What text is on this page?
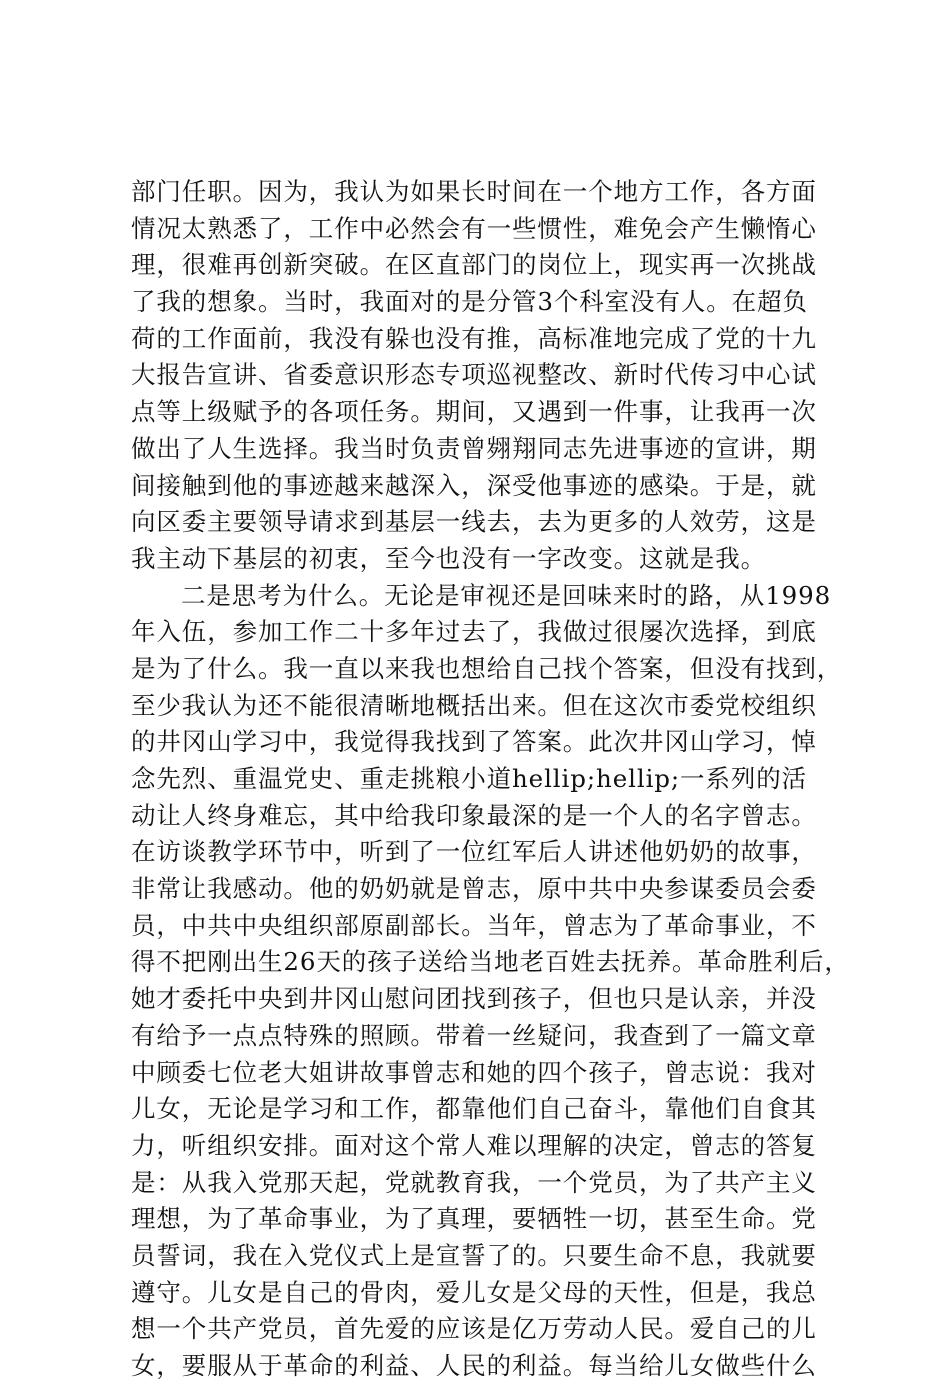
部门任职。因为，我认为如果长时间在一个地方工作，各方面
情况太熟悉了，工作中必然会有一些惯性，难免会产生懒惰心
理，很难再创新突破。在区直部门的岗位上，现实再一次挑战
了我的想象。当时，我面对的是分管3个科室没有人。在超负
荷的工作面前，我没有躲也没有推，高标准地完成了党的十九
大报告宣讲、省委意识形态专项巡视整改、新时代传习中心试
点等上级赋予的各项任务。期间，又遇到一件事，让我再一次
做出了人生选择。我当时负责曾翙翔同志先进事迹的宣讲，期
间接触到他的事迹越来越深入，深受他事迹的感染。于是，就
向区委主要领导请求到基层一线去，去为更多的人效劳，这是
我主动下基层的初衷，至今也没有一字改变。这就是我。
二是思考为什么。无论是审视还是回味来时的路，从1998
年入伍，参加工作二十多年过去了，我做过很屡次选择，到底
是为了什么。我一直以来我也想给自己找个答案，但没有找到，
至少我认为还不能很清晰地概括出来。但在这次市委党校组织
的井冈山学习中，我觉得我找到了答案。此次井冈山学习，悼
念先烈、重温党史、重走挑粮小道hellip;hellip;一系列的活
动让人终身难忘，其中给我印象最深的是一个人的名字曾志。
在访谈教学环节中，听到了一位红军后人讲述他奶奶的故事，
非常让我感动。他的奶奶就是曾志，原中共中央参谋委员会委
员，中共中央组织部原副部长。当年，曾志为了革命事业，不
得不把刚出生26天的孩子送给当地老百姓去抚养。革命胜利后，
她才委托中央到井冈山慰问团找到孩子，但也只是认亲，并没
有给予一点点特殊的照顾。带着一丝疑问，我查到了一篇文章
中顾委七位老大姐讲故事曾志和她的四个孩子，曾志说：我对
儿女，无论是学习和工作，都靠他们自己奋斗，靠他们自食其
力，听组织安排。面对这个常人难以理解的决定，曾志的答复
是：从我入党那天起，党就教育我，一个党员，为了共产主义
理想，为了革命事业，为了真理，要牺牲一切，甚至生命。党
员誓词，我在入党仪式上是宣誓了的。只要生命不息，我就要
遵守。儿女是自己的骨肉，爱儿女是父母的天性，但是，我总
想一个共产党员，首先爱的应该是亿万劳动人民。爱自己的儿
女，要服从于革命的利益、人民的利益。每当给儿女做些什么
